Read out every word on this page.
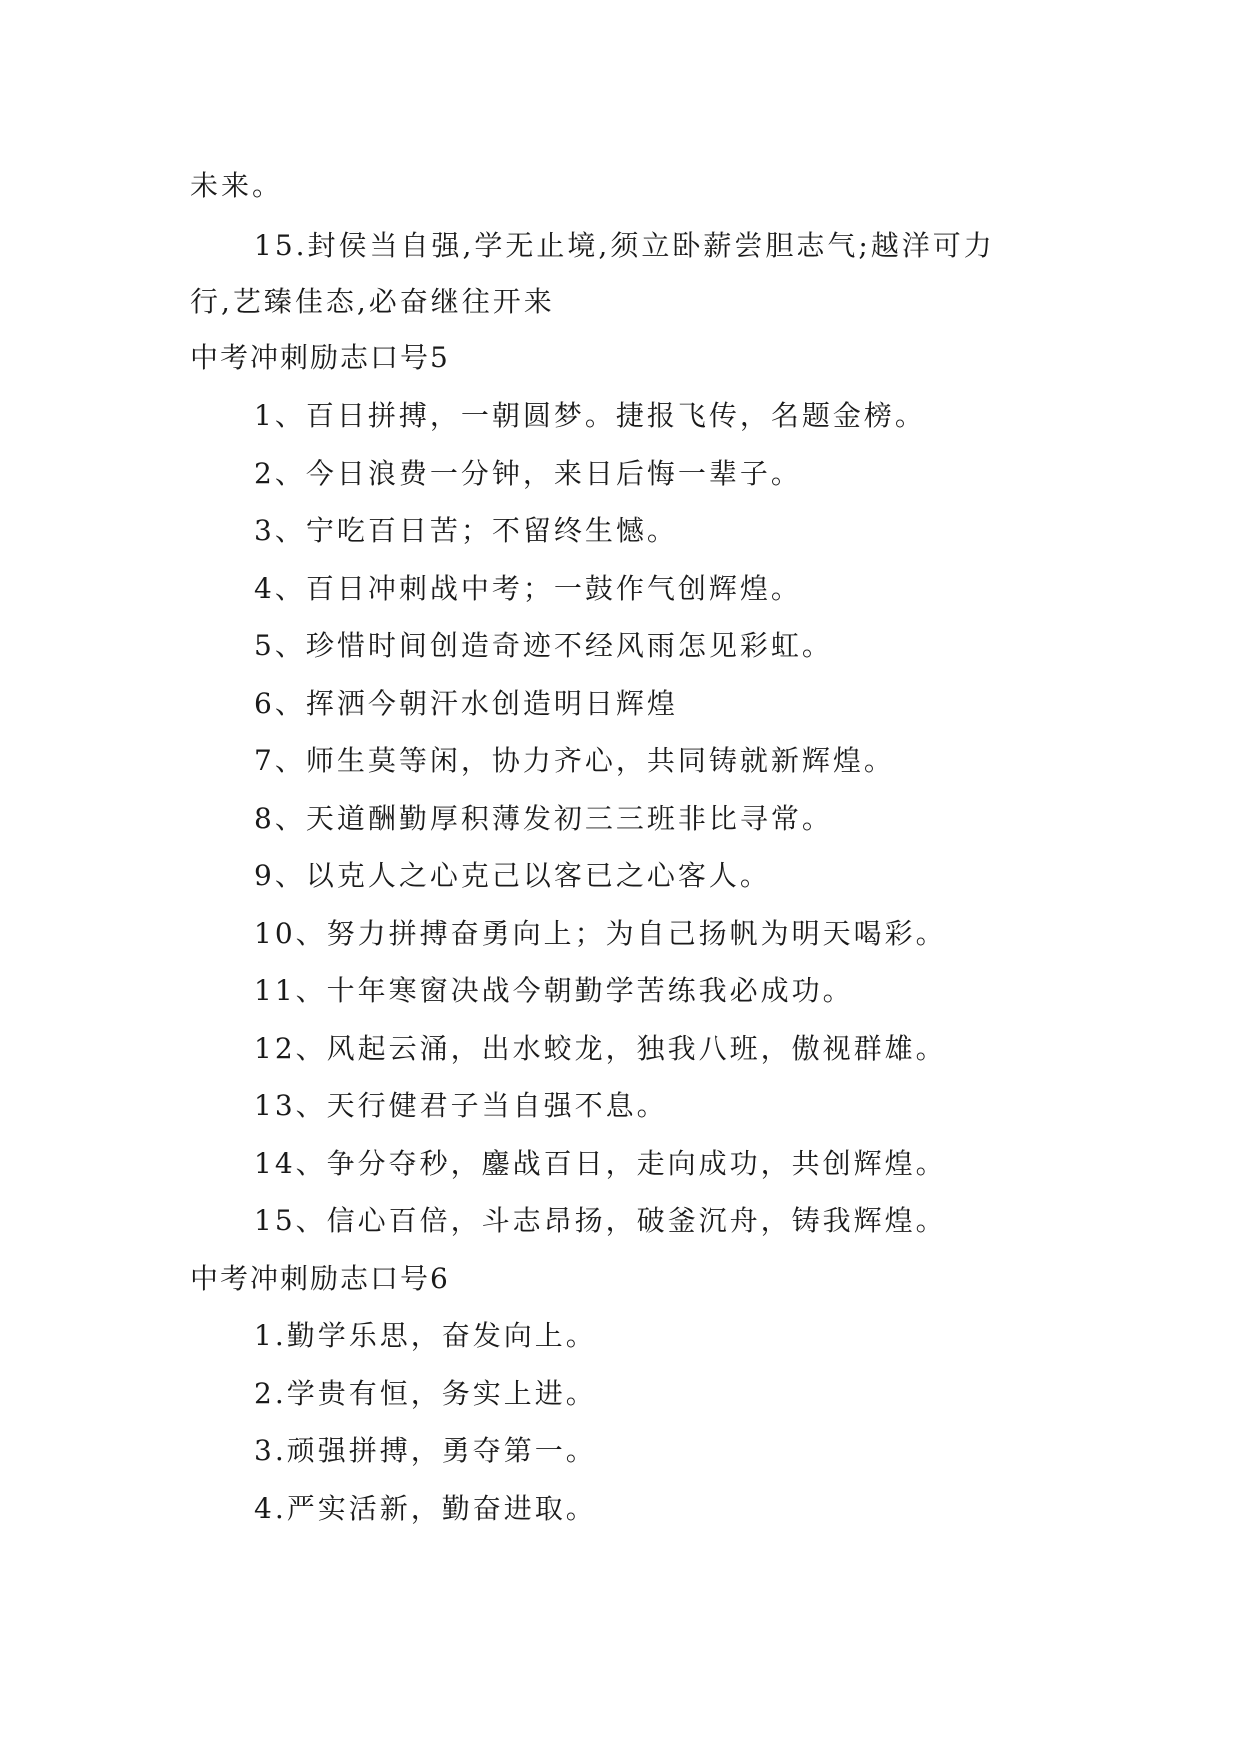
未来。
15.封侯当自强,学无止境,须立卧薪尝胆志气;越洋可力
行,艺臻佳态,必奋继往开来
中考冲刺励志口号5
1、百日拼搏，一朝圆梦。捷报飞传，名题金榜。
2、今日浪费一分钟，来日后悔一辈子。
3、宁吃百日苦；不留终生憾。
4、百日冲刺战中考；一鼓作气创辉煌。
5、珍惜时间创造奇迹不经风雨怎见彩虹。
6、挥洒今朝汗水创造明日辉煌
7、师生莫等闲，协力齐心，共同铸就新辉煌。
8、天道酬勤厚积薄发初三三班非比寻常。
9、以克人之心克己以客已之心客人。
10、努力拼搏奋勇向上；为自己扬帆为明天喝彩。
11、十年寒窗决战今朝勤学苦练我必成功。
12、风起云涌，出水蛟龙，独我八班，傲视群雄。
13、天行健君子当自强不息。
14、争分夺秒，鏖战百日，走向成功，共创辉煌。
15、信心百倍，斗志昂扬，破釜沉舟，铸我辉煌。
中考冲刺励志口号6
1.勤学乐思，奋发向上。
2.学贵有恒，务实上进。
3.顽强拼搏，勇夺第一。
4.严实活新，勤奋进取。
